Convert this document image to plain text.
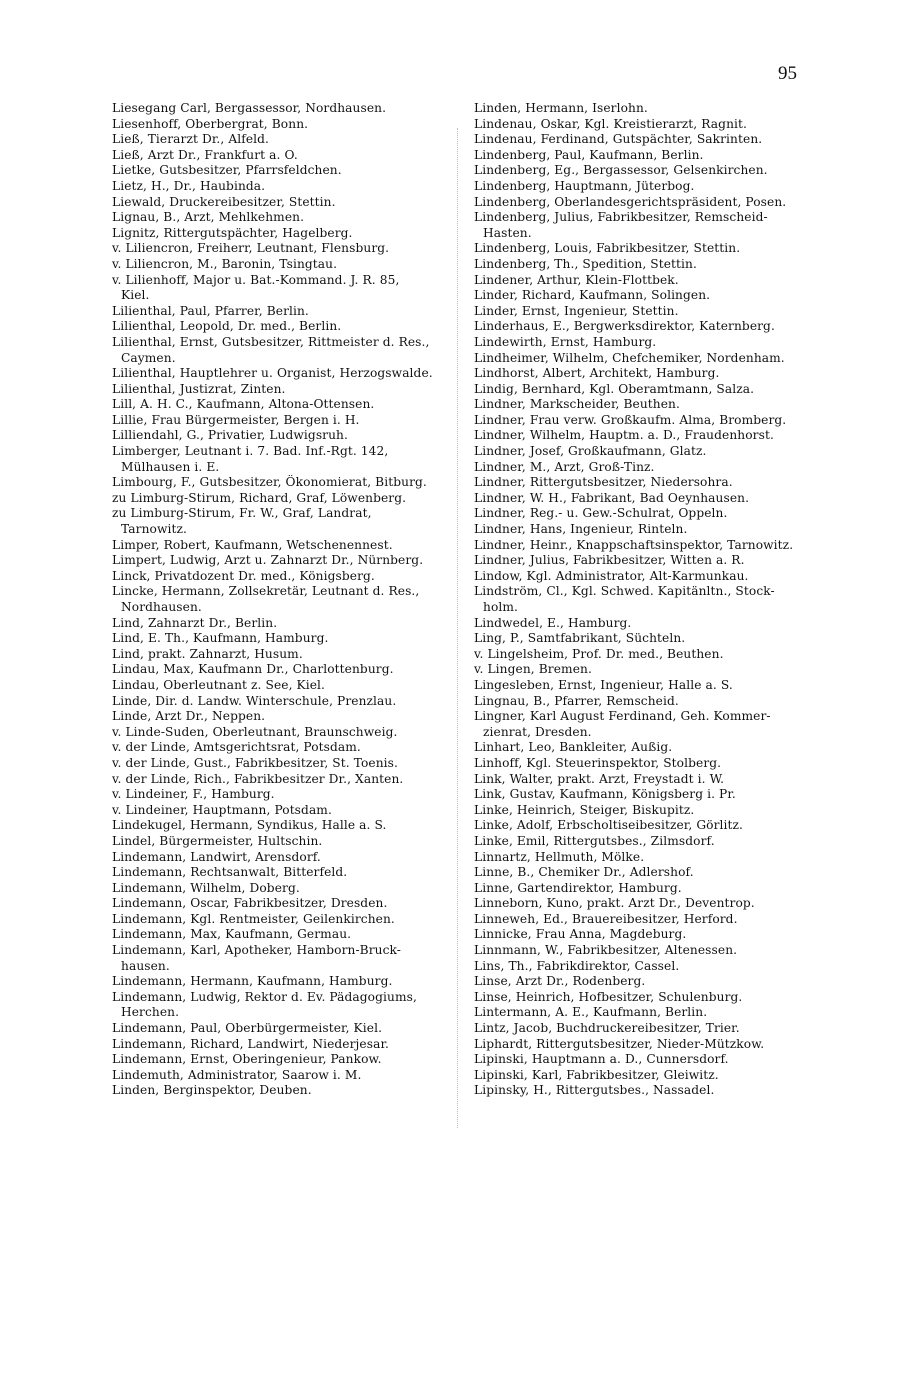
95
Liesegang Carl, Bergassessor, Nordhausen.
Liesenhoff, Oberbergrat, Bonn.
Ließ, Tierarzt Dr., Alfeld.
Ließ, Arzt Dr., Frankfurt a. O.
Lietke, Gutsbesitzer, Pfarrsfeldchen.
Lietz, H., Dr., Haubinda.
Liewald, Druckereibesitzer, Stettin.
Lignau, B., Arzt, Mehlkehmen.
Lignitz, Rittergutspächter, Hagelberg.
v. Liliencron, Freiherr, Leutnant, Flensburg.
v. Liliencron, M., Baronin, Tsingtau.
v. Lilienhoff, Major u. Bat.-Kommand. J. R. 85,
Kiel.
Lilienthal, Paul, Pfarrer, Berlin.
Lilienthal, Leopold, Dr. med., Berlin.
Lilienthal, Ernst, Gutsbesitzer, Rittmeister d. Res.,
Caymen.
Lilienthal, Hauptlehrer u. Organist, Herzogswalde.
Lilienthal, Justizrat, Zinten.
Lill, A. H. C., Kaufmann, Altona-Ottensen.
Lillie, Frau Bürgermeister, Bergen i. H.
Lilliendahl, G., Privatier, Ludwigsruh.
Limberger, Leutnant i. 7. Bad. Inf.-Rgt. 142,
Mülhausen i. E.
Limbourg, F., Gutsbesitzer, Ökonomierat, Bitburg.
zu Limburg-Stirum, Richard, Graf, Löwenberg.
zu Limburg-Stirum, Fr. W., Graf, Landrat,
Tarnowitz.
Limper, Robert, Kaufmann, Wetschenennest.
Limpert, Ludwig, Arzt u. Zahnarzt Dr., Nürnberg.
Linck, Privatdozent Dr. med., Königsberg.
Lincke, Hermann, Zollsekretär, Leutnant d. Res.,
Nordhausen.
Lind, Zahnarzt Dr., Berlin.
Lind, E. Th., Kaufmann, Hamburg.
Lind, prakt. Zahnarzt, Husum.
Lindau, Max, Kaufmann Dr., Charlottenburg.
Lindau, Oberleutnant z. See, Kiel.
Linde, Dir. d. Landw. Winterschule, Prenzlau.
Linde, Arzt Dr., Neppen.
v. Linde-Suden, Oberleutnant, Braunschweig.
v. der Linde, Amtsgerichtsrat, Potsdam.
v. der Linde, Gust., Fabrikbesitzer, St. Toenis.
v. der Linde, Rich., Fabrikbesitzer Dr., Xanten.
v. Lindeiner, F., Hamburg.
v. Lindeiner, Hauptmann, Potsdam.
Lindekugel, Hermann, Syndikus, Halle a. S.
Lindel, Bürgermeister, Hultschin.
Lindemann, Landwirt, Arensdorf.
Lindemann, Rechtsanwalt, Bitterfeld.
Lindemann, Wilhelm, Doberg.
Lindemann, Oscar, Fabrikbesitzer, Dresden.
Lindemann, Kgl. Rentmeister, Geilenkirchen.
Lindemann, Max, Kaufmann, Germau.
Lindemann, Karl, Apotheker, Hamborn-Bruck-
hausen.
Lindemann, Hermann, Kaufmann, Hamburg.
Lindemann, Ludwig, Rektor d. Ev. Pädagogiums,
Herchen.
Lindemann, Paul, Oberbürgermeister, Kiel.
Lindemann, Richard, Landwirt, Niederjesar.
Lindemann, Ernst, Oberingenieur, Pankow.
Lindemuth, Administrator, Saarow i. M.
Linden, Berginspektor, Deuben.
Linden, Hermann, Iserlohn.
Lindenau, Oskar, Kgl. Kreistierarzt, Ragnit.
Lindenau, Ferdinand, Gutspächter, Sakrinten.
Lindenberg, Paul, Kaufmann, Berlin.
Lindenberg, Eg., Bergassessor, Gelsenkirchen.
Lindenberg, Hauptmann, Jüterbog.
Lindenberg, Oberlandesgerichtspräsident, Posen.
Lindenberg, Julius, Fabrikbesitzer, Remscheid-
Hasten.
Lindenberg, Louis, Fabrikbesitzer, Stettin.
Lindenberg, Th., Spedition, Stettin.
Lindener, Arthur, Klein-Flottbek.
Linder, Richard, Kaufmann, Solingen.
Linder, Ernst, Ingenieur, Stettin.
Linderhaus, E., Bergwerksdirektor, Katernberg.
Lindewirth, Ernst, Hamburg.
Lindheimer, Wilhelm, Chefchemiker, Nordenham.
Lindhorst, Albert, Architekt, Hamburg.
Lindig, Bernhard, Kgl. Oberamtmann, Salza.
Lindner, Markscheider, Beuthen.
Lindner, Frau verw. Großkaufm. Alma, Bromberg.
Lindner, Wilhelm, Hauptm. a. D., Fraudenhorst.
Lindner, Josef, Großkaufmann, Glatz.
Lindner, M., Arzt, Groß-Tinz.
Lindner, Rittergutsbesitzer, Niedersohra.
Lindner, W. H., Fabrikant, Bad Oeynhausen.
Lindner, Reg.- u. Gew.-Schulrat, Oppeln.
Lindner, Hans, Ingenieur, Rinteln.
Lindner, Heinr., Knappschaftsinspektor, Tarnowitz.
Lindner, Julius, Fabrikbesitzer, Witten a. R.
Lindow, Kgl. Administrator, Alt-Karmunkau.
Lindström, Cl., Kgl. Schwed. Kapitänltn., Stock-
holm.
Lindwedel, E., Hamburg.
Ling, P., Samtfabrikant, Süchteln.
v. Lingelsheim, Prof. Dr. med., Beuthen.
v. Lingen, Bremen.
Lingesleben, Ernst, Ingenieur, Halle a. S.
Lingnau, B., Pfarrer, Remscheid.
Lingner, Karl August Ferdinand, Geh. Kommer-
zienrat, Dresden.
Linhart, Leo, Bankleiter, Außig.
Linhoff, Kgl. Steuerinspektor, Stolberg.
Link, Walter, prakt. Arzt, Freystadt i. W.
Link, Gustav, Kaufmann, Königsberg i. Pr.
Linke, Heinrich, Steiger, Biskupitz.
Linke, Adolf, Erbscholtiseibesitzer, Görlitz.
Linke, Emil, Rittergutsbes., Zilmsdorf.
Linnartz, Hellmuth, Mölke.
Linne, B., Chemiker Dr., Adlershof.
Linne, Gartendirektor, Hamburg.
Linneborn, Kuno, prakt. Arzt Dr., Deventrop.
Linneweh, Ed., Brauereibesitzer, Herford.
Linnicke, Frau Anna, Magdeburg.
Linnmann, W., Fabrikbesitzer, Altenessen.
Lins, Th., Fabrikdirektor, Cassel.
Linse, Arzt Dr., Rodenberg.
Linse, Heinrich, Hofbesitzer, Schulenburg.
Lintermann, A. E., Kaufmann, Berlin.
Lintz, Jacob, Buchdruckereibesitzer, Trier.
Liphardt, Rittergutsbesitzer, Nieder-Mützkow.
Lipinski, Hauptmann a. D., Cunnersdorf.
Lipinski, Karl, Fabrikbesitzer, Gleiwitz.
Lipinsky, H., Rittergutsbes., Nassadel.
